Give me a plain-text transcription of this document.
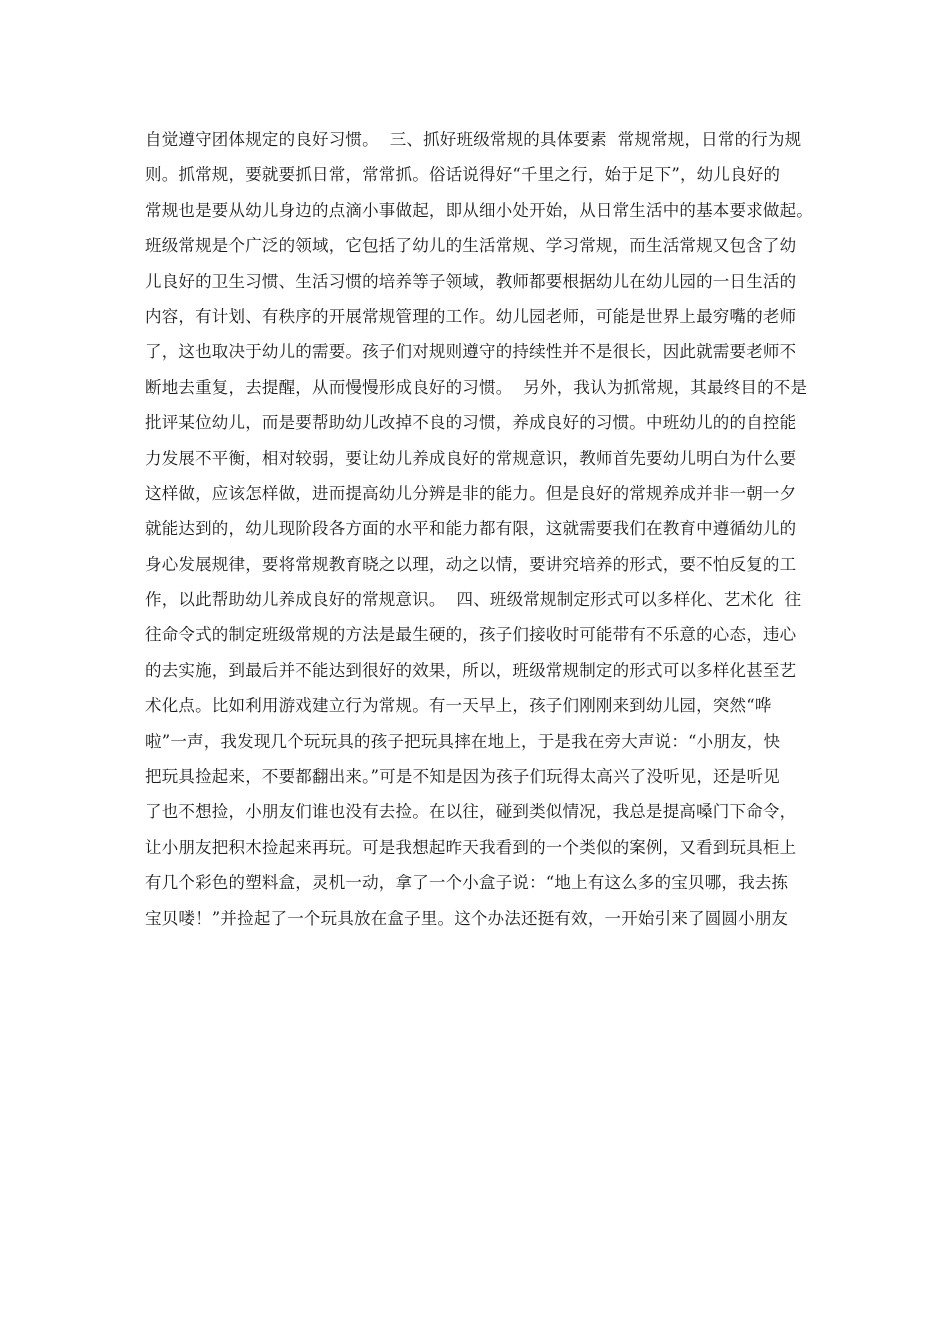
自觉遵守团体规定的良好习惯。  三、抓好班级常规的具体要素  常规常规，日常的行为规
则。抓常规，要就要抓日常，常常抓。俗话说得好“千里之行，始于足下”，幼儿良好的
常规也是要从幼儿身边的点滴小事做起，即从细小处开始，从日常生活中的基本要求做起。
班级常规是个广泛的领域，它包括了幼儿的生活常规、学习常规，而生活常规又包含了幼
儿良好的卫生习惯、生活习惯的培养等子领域，教师都要根据幼儿在幼儿园的一日生活的
内容，有计划、有秩序的开展常规管理的工作。幼儿园老师，可能是世界上最穷嘴的老师
了，这也取决于幼儿的需要。孩子们对规则遵守的持续性并不是很长，因此就需要老师不
断地去重复，去提醒，从而慢慢形成良好的习惯。  另外，我认为抓常规，其最终目的不是
批评某位幼儿，而是要帮助幼儿改掉不良的习惯，养成良好的习惯。中班幼儿的的自控能
力发展不平衡，相对较弱，要让幼儿养成良好的常规意识，教师首先要幼儿明白为什么要
这样做，应该怎样做，进而提高幼儿分辨是非的能力。但是良好的常规养成并非一朝一夕
就能达到的，幼儿现阶段各方面的水平和能力都有限，这就需要我们在教育中遵循幼儿的
身心发展规律，要将常规教育晓之以理，动之以情，要讲究培养的形式，要不怕反复的工
作，以此帮助幼儿养成良好的常规意识。  四、班级常规制定形式可以多样化、艺术化  往
往命令式的制定班级常规的方法是最生硬的，孩子们接收时可能带有不乐意的心态，违心
的去实施，到最后并不能达到很好的效果，所以，班级常规制定的形式可以多样化甚至艺
术化点。比如利用游戏建立行为常规。有一天早上，孩子们刚刚来到幼儿园，突然“哗
啦”一声，我发现几个玩玩具的孩子把玩具摔在地上，于是我在旁大声说：“小朋友，快
把玩具捡起来，不要都翻出来。”可是不知是因为孩子们玩得太高兴了没听见，还是听见
了也不想捡，小朋友们谁也没有去捡。在以往，碰到类似情况，我总是提高嗓门下命令，
让小朋友把积木捡起来再玩。可是我想起昨天我看到的一个类似的案例，又看到玩具柜上
有几个彩色的塑料盒，灵机一动，拿了一个小盒子说：“地上有这么多的宝贝哪，我去拣
宝贝喽！”并捡起了一个玩具放在盒子里。这个办法还挺有效，一开始引来了圆圆小朋友
